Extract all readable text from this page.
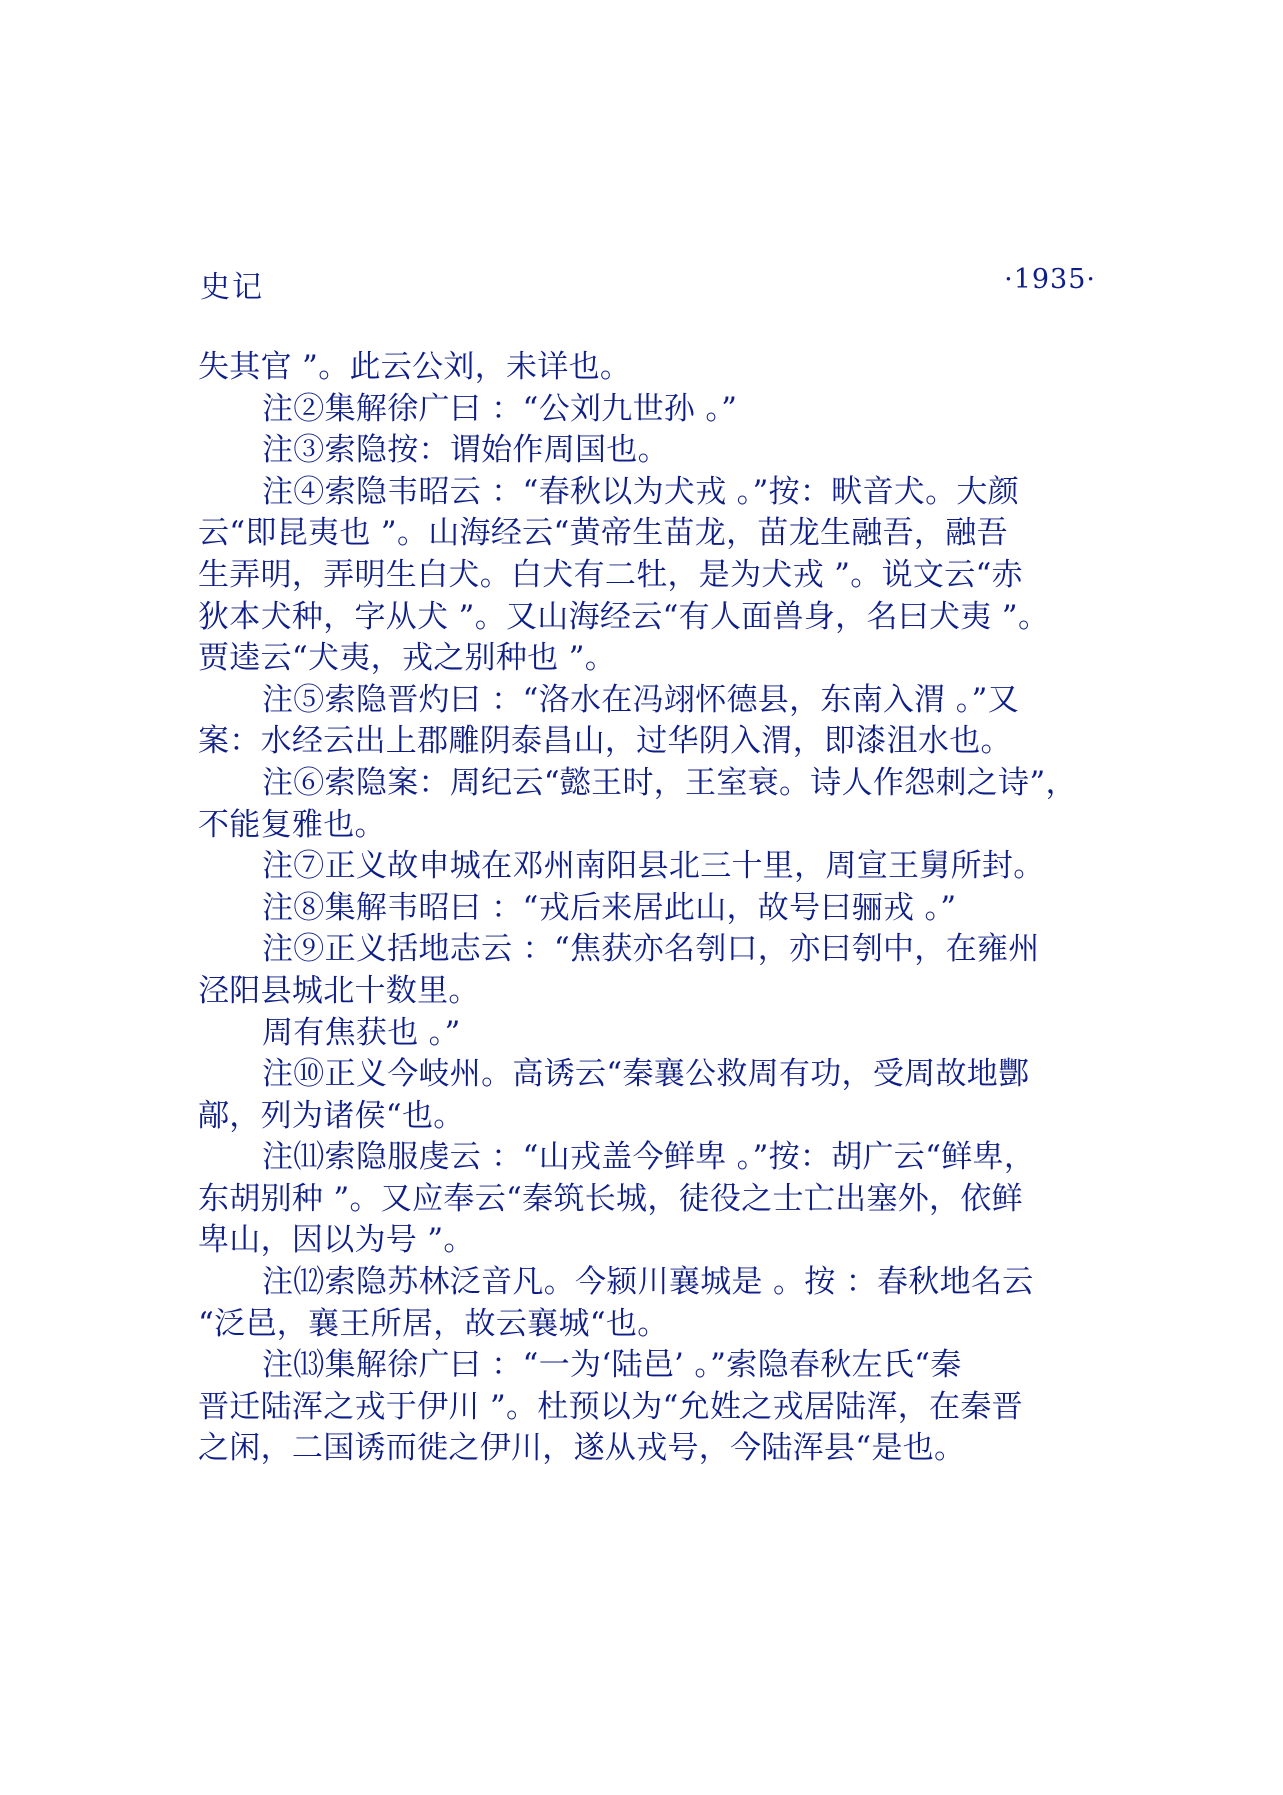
史记	·1935·
失其官 ”。此云公刘，未详也。
注②集解徐广曰 ：“公刘九世孙 。”
注③索隐按：谓始作周国也。
注④索隐韦昭云 ：“春秋以为犬戎 。”按：畎音犬。大颜
云“即昆夷也 ”。山海经云“黄帝生苗龙，苗龙生融吾，融吾
生弄明，弄明生白犬。白犬有二牡，是为犬戎 ”。说文云“赤
狄本犬种，字从犬 ”。又山海经云“有人面兽身，名曰犬夷 ”。
贾逵云“犬夷，戎之别种也 ”。
注⑤索隐晋灼曰 ：“洛水在冯翊怀德县，东南入渭 。”又
案：水经云出上郡雕阴泰昌山，过华阴入渭，即漆沮水也。
注⑥索隐案：周纪云“懿王时，王室衰。诗人作怨刺之诗”，
不能复雅也。
注⑦正义故申城在邓州南阳县北三十里，周宣王舅所封。
注⑧集解韦昭曰 ：“戎后来居此山，故号曰骊戎 。”
注⑨正义括地志云 ：“焦获亦名刳口，亦曰刳中，在雍州
泾阳县城北十数里。
周有焦获也 。”
注⑩正义今岐州。高诱云“秦襄公救周有功，受周故地酆
鄗，列为诸侯“也。
注⑾索隐服虔云 ：“山戎盖今鲜卑 。”按：胡广云“鲜卑，
东胡别种 ”。又应奉云“秦筑长城，徒役之士亡出塞外，依鲜
卑山，因以为号 ”。
注⑿索隐苏林泛音凡。今颍川襄城是 。按 ：春秋地名云
“泛邑，襄王所居，故云襄城“也。
注⒀集解徐广曰 ：“一为‘陆邑’ 。”索隐春秋左氏“秦
晋迁陆浑之戎于伊川 ”。杜预以为“允姓之戎居陆浑，在秦晋
之闲，二国诱而徙之伊川，遂从戎号，今陆浑县“是也。
